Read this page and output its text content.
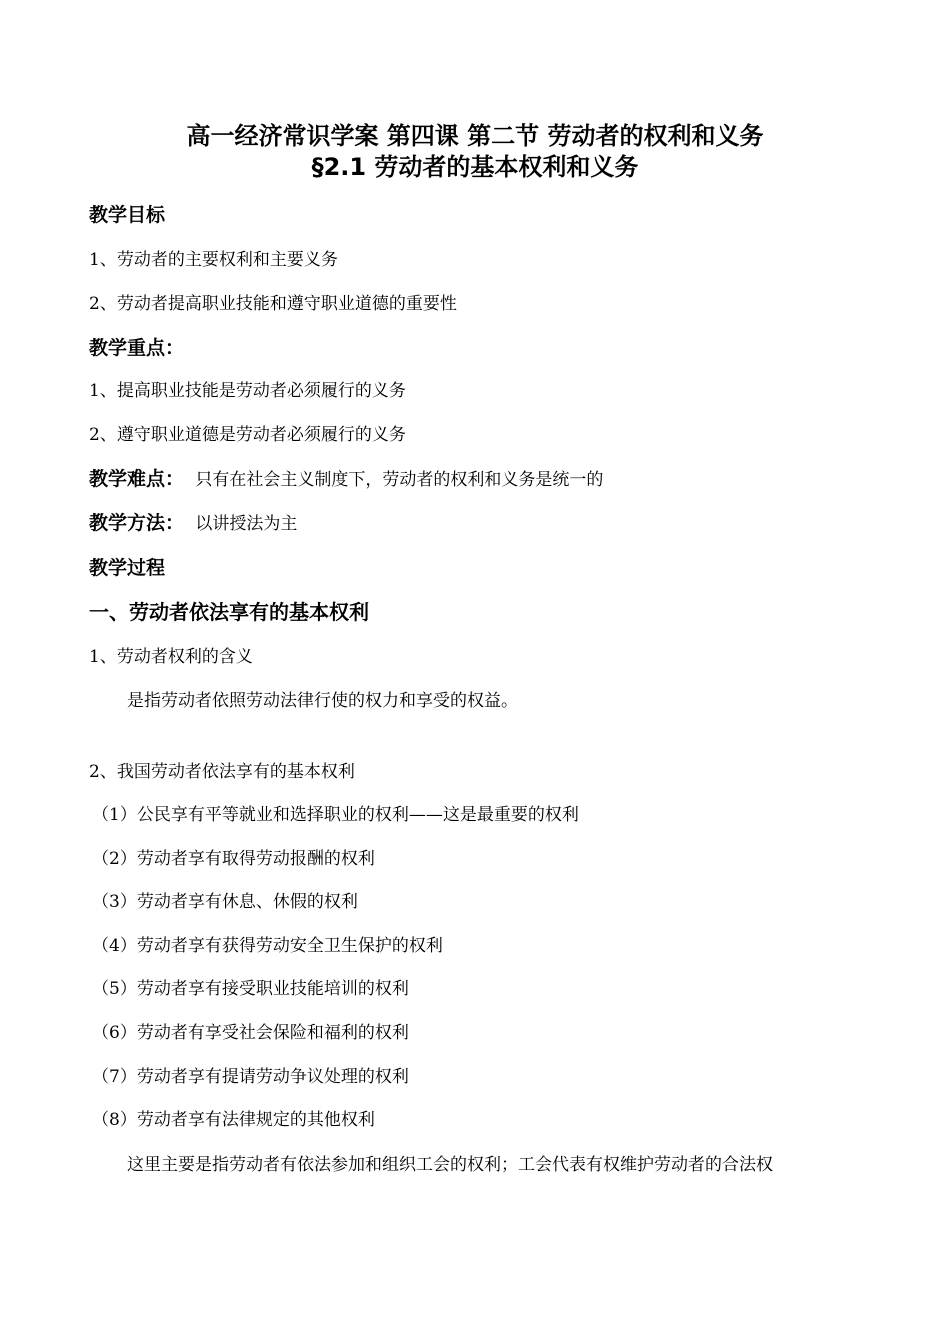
高一经济常识学案 第四课 第二节 劳动者的权利和义务
§2.1 劳动者的基本权利和义务
教学目标
1、劳动者的主要权利和主要义务
2、劳动者提高职业技能和遵守职业道德的重要性
教学重点：
1、提高职业技能是劳动者必须履行的义务
2、遵守职业道德是劳动者必须履行的义务
教学难点： 只有在社会主义制度下，劳动者的权利和义务是统一的
教学方法： 以讲授法为主
教学过程
一、劳动者依法享有的基本权利
1、劳动者权利的含义
是指劳动者依照劳动法律行使的权力和享受的权益。
2、我国劳动者依法享有的基本权利
（1）公民享有平等就业和选择职业的权利——这是最重要的权利
（2）劳动者享有取得劳动报酬的权利
（3）劳动者享有休息、休假的权利
（4）劳动者享有获得劳动安全卫生保护的权利
（5）劳动者享有接受职业技能培训的权利
（6）劳动者有享受社会保险和福利的权利
（7）劳动者享有提请劳动争议处理的权利
（8）劳动者享有法律规定的其他权利
这里主要是指劳动者有依法参加和组织工会的权利；工会代表有权维护劳动者的合法权
